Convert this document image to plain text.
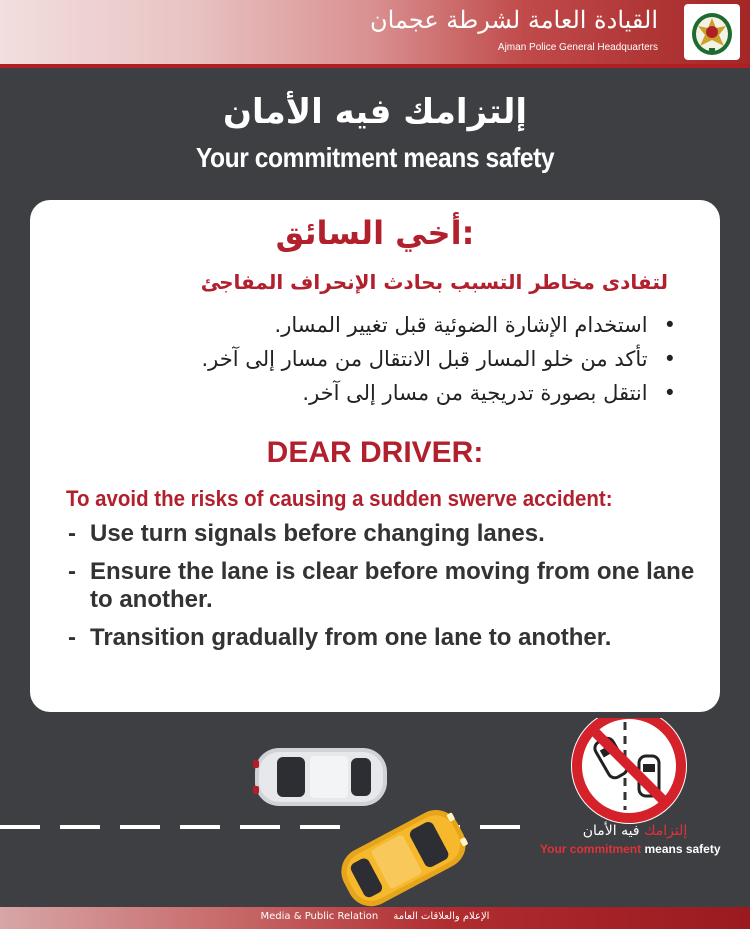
القيادة العامة لشرطة عجمان
Ajman Police General Headquarters
إلتزامك فيه الأمان
Your commitment means safety
أخي السائق:
لتفادى مخاطر التسبب بحادث الإنحراف المفاجئ
• استخدام الإشارة الضوئية قبل تغيير المسار.
• تأكد من خلو المسار قبل الانتقال من مسار إلى آخر.
• انتقل بصورة تدريجية من مسار إلى آخر.
DEAR DRIVER:
To avoid the risks of causing a sudden swerve accident:
- Use turn signals before changing lanes.
- Ensure the lane is clear before moving from one lane to another.
- Transition gradually from one lane to another.
إلتزامك فيه الأمان
Your commitment means safety
Media & Public Relation الإعلام والعلاقات العامة
